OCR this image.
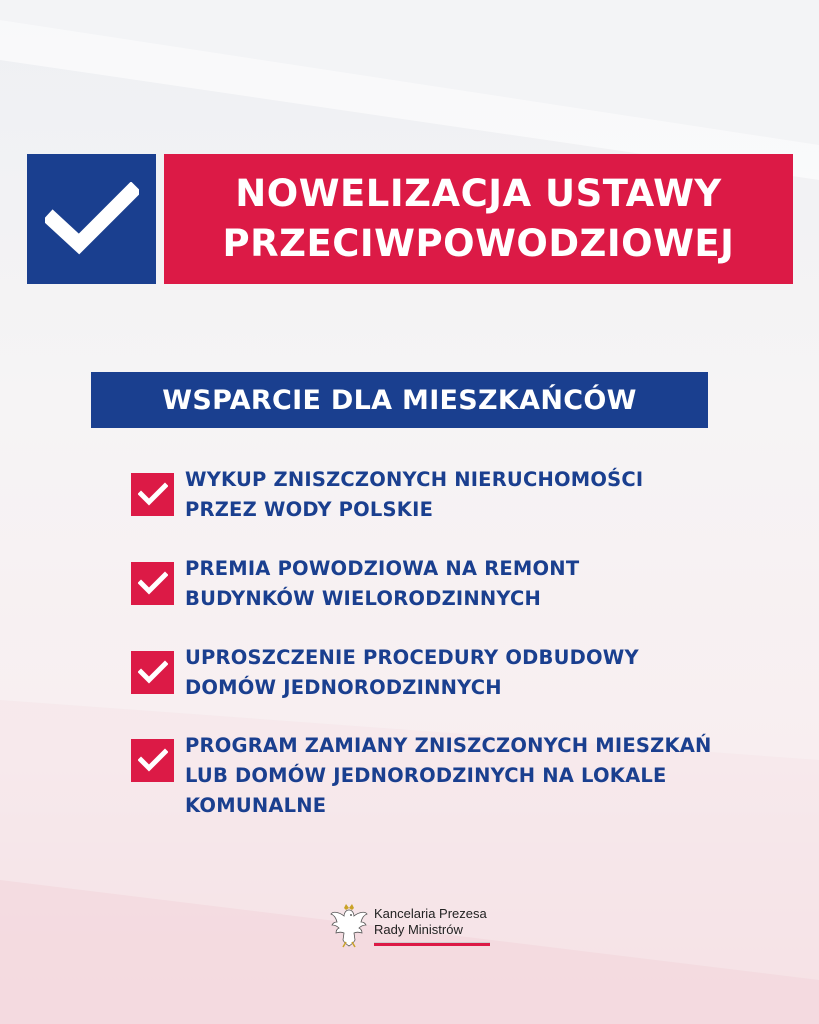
NOWELIZACJA USTAWY
PRZECIWPOWODZIOWEJ
WSPARCIE DLA MIESZKAŃCÓW
WYKUP ZNISZCZONYCH NIERUCHOMOŚCI
PRZEZ WODY POLSKIE
PREMIA POWODZIOWA NA REMONT
BUDYNKÓW WIELORODZINNYCH
UPROSZCZENIE PROCEDURY ODBUDOWY
DOMÓW JEDNORODZINNYCH
PROGRAM ZAMIANY ZNISZCZONYCH MIESZKAŃ
LUB DOMÓW JEDNORODZINYCH NA LOKALE
KOMUNALNE
Kancelaria Prezesa
Rady Ministrów
